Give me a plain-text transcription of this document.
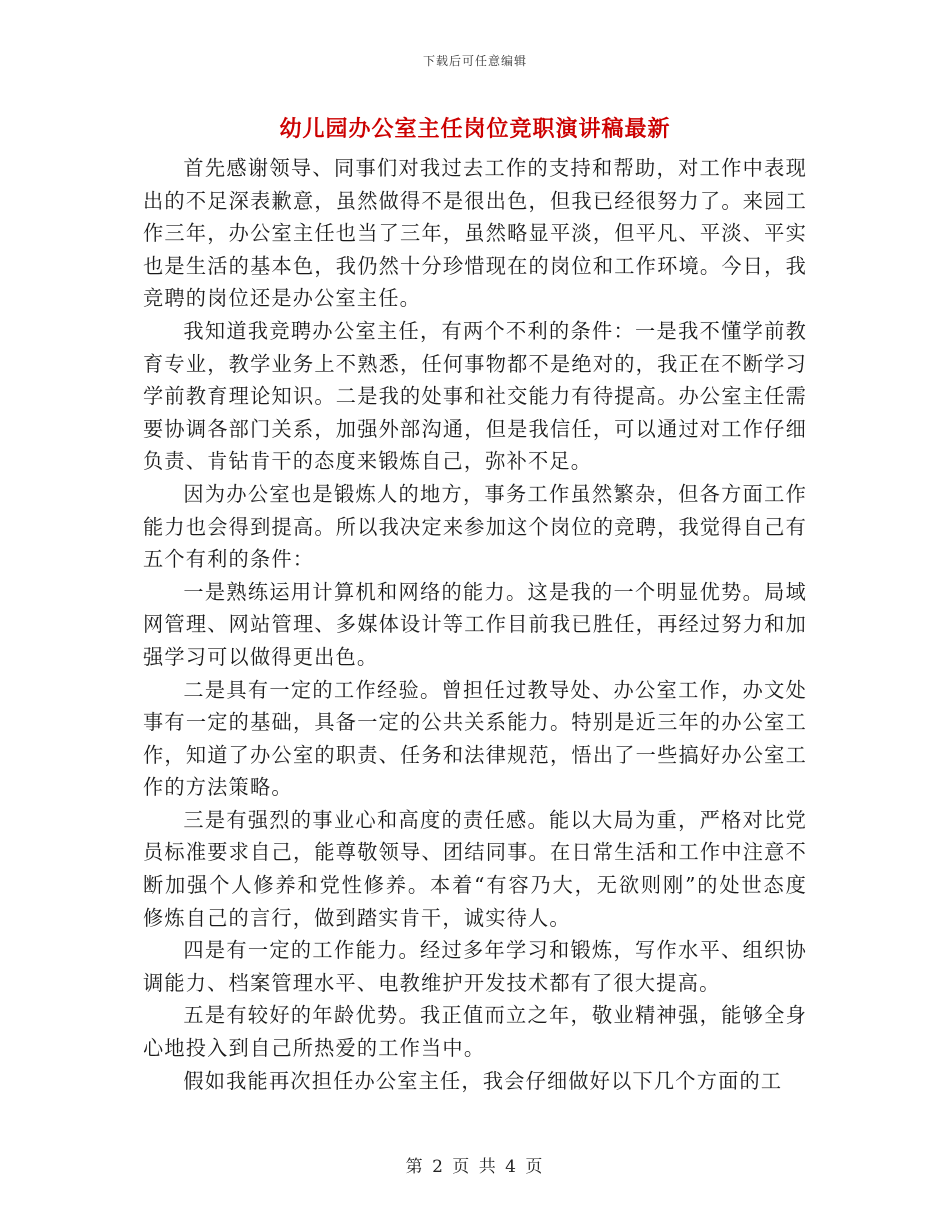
下载后可任意编辑
幼儿园办公室主任岗位竞职演讲稿最新

首先感谢领导、同事们对我过去工作的支持和帮助，对工作中表现出的不足深表歉意，虽然做得不是很出色，但我已经很努力了。来园工作三年，办公室主任也当了三年，虽然略显平淡，但平凡、平淡、平实也是生活的基本色，我仍然十分珍惜现在的岗位和工作环境。今日，我竞聘的岗位还是办公室主任。

我知道我竞聘办公室主任，有两个不利的条件：一是我不懂学前教育专业，教学业务上不熟悉，任何事物都不是绝对的，我正在不断学习学前教育理论知识。二是我的处事和社交能力有待提高。办公室主任需要协调各部门关系，加强外部沟通，但是我信任，可以通过对工作仔细负责、肯钻肯干的态度来锻炼自己，弥补不足。

因为办公室也是锻炼人的地方，事务工作虽然繁杂，但各方面工作能力也会得到提高。所以我决定来参加这个岗位的竞聘，我觉得自己有五个有利的条件：

一是熟练运用计算机和网络的能力。这是我的一个明显优势。局域网管理、网站管理、多媒体设计等工作目前我已胜任，再经过努力和加强学习可以做得更出色。

二是具有一定的工作经验。曾担任过教导处、办公室工作，办文处事有一定的基础，具备一定的公共关系能力。特别是近三年的办公室工作，知道了办公室的职责、任务和法律规范，悟出了一些搞好办公室工作的方法策略。

三是有强烈的事业心和高度的责任感。能以大局为重，严格对比党员标准要求自己，能尊敬领导、团结同事。在日常生活和工作中注意不断加强个人修养和党性修养。本着“有容乃大，无欲则刚”的处世态度修炼自己的言行，做到踏实肯干，诚实待人。

四是有一定的工作能力。经过多年学习和锻炼，写作水平、组织协调能力、档案管理水平、电教维护开发技术都有了很大提高。

五是有较好的年龄优势。我正值而立之年，敬业精神强，能够全身心地投入到自己所热爱的工作当中。

假如我能再次担任办公室主任，我会仔细做好以下几个方面的工

第 2 页 共 4 页
